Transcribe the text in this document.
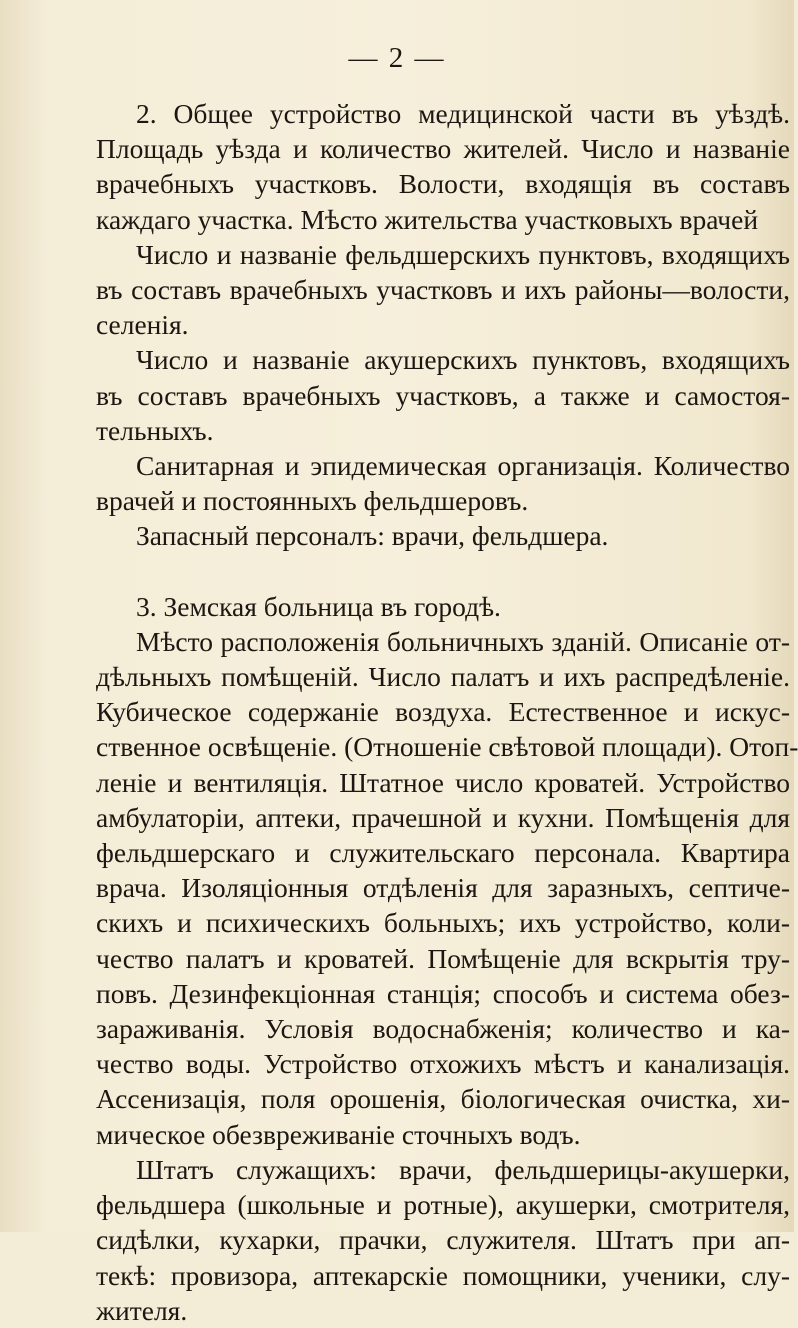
— 2 —

2. Общее устройство медицинской части въ уѣздѣ.
Площадь уѣзда и количество жителей. Число и названіе
врачебныхъ участковъ. Волости, входящія въ составъ
каждаго участка. Мѣсто жительства участковыхъ врачей

Число и названіе фельдшерскихъ пунктовъ, входящихъ
въ составъ врачебныхъ участковъ и ихъ районы—волости,
селенія.

Число и названіе акушерскихъ пунктовъ, входящихъ
въ составъ врачебныхъ участковъ, а также и самостоя-
тельныхъ.

Санитарная и эпидемическая организація. Количество
врачей и постоянныхъ фельдшеровъ.

Запасный персоналъ: врачи, фельдшера.

3. Земская больница въ городѣ.

Мѣсто расположенія больничныхъ зданій. Описаніе от-
дѣльныхъ помѣщеній. Число палатъ и ихъ распредѣленіе.
Кубическое содержаніе воздуха. Естественное и искус-
ственное освѣщеніе. (Отношеніе свѣтовой площади). Отоп-
леніе и вентиляція. Штатное число кроватей. Устройство
амбулаторіи, аптеки, прачешной и кухни. Помѣщенія для
фельдшерскаго и служительскаго персонала. Квартира
врача. Изоляціонныя отдѣленія для заразныхъ, септиче-
скихъ и психическихъ больныхъ; ихъ устройство, коли-
чество палатъ и кроватей. Помѣщеніе для вскрытія тру-
повъ. Дезинфекціонная станція; способъ и система обез-
зараживанія. Условія водоснабженія; количество и ка-
чество воды. Устройство отхожихъ мѣстъ и канализація.
Ассенизація, поля орошенія, біологическая очистка, хи-
мическое обезвреживаніе сточныхъ водъ.

Штатъ служащихъ: врачи, фельдшерицы-акушерки,
фельдшера (школьные и ротные), акушерки, смотрителя,
сидѣлки, кухарки, прачки, служителя. Штатъ при ап-
текѣ: провизора, аптекарскіе помощники, ученики, слу-
жителя.
